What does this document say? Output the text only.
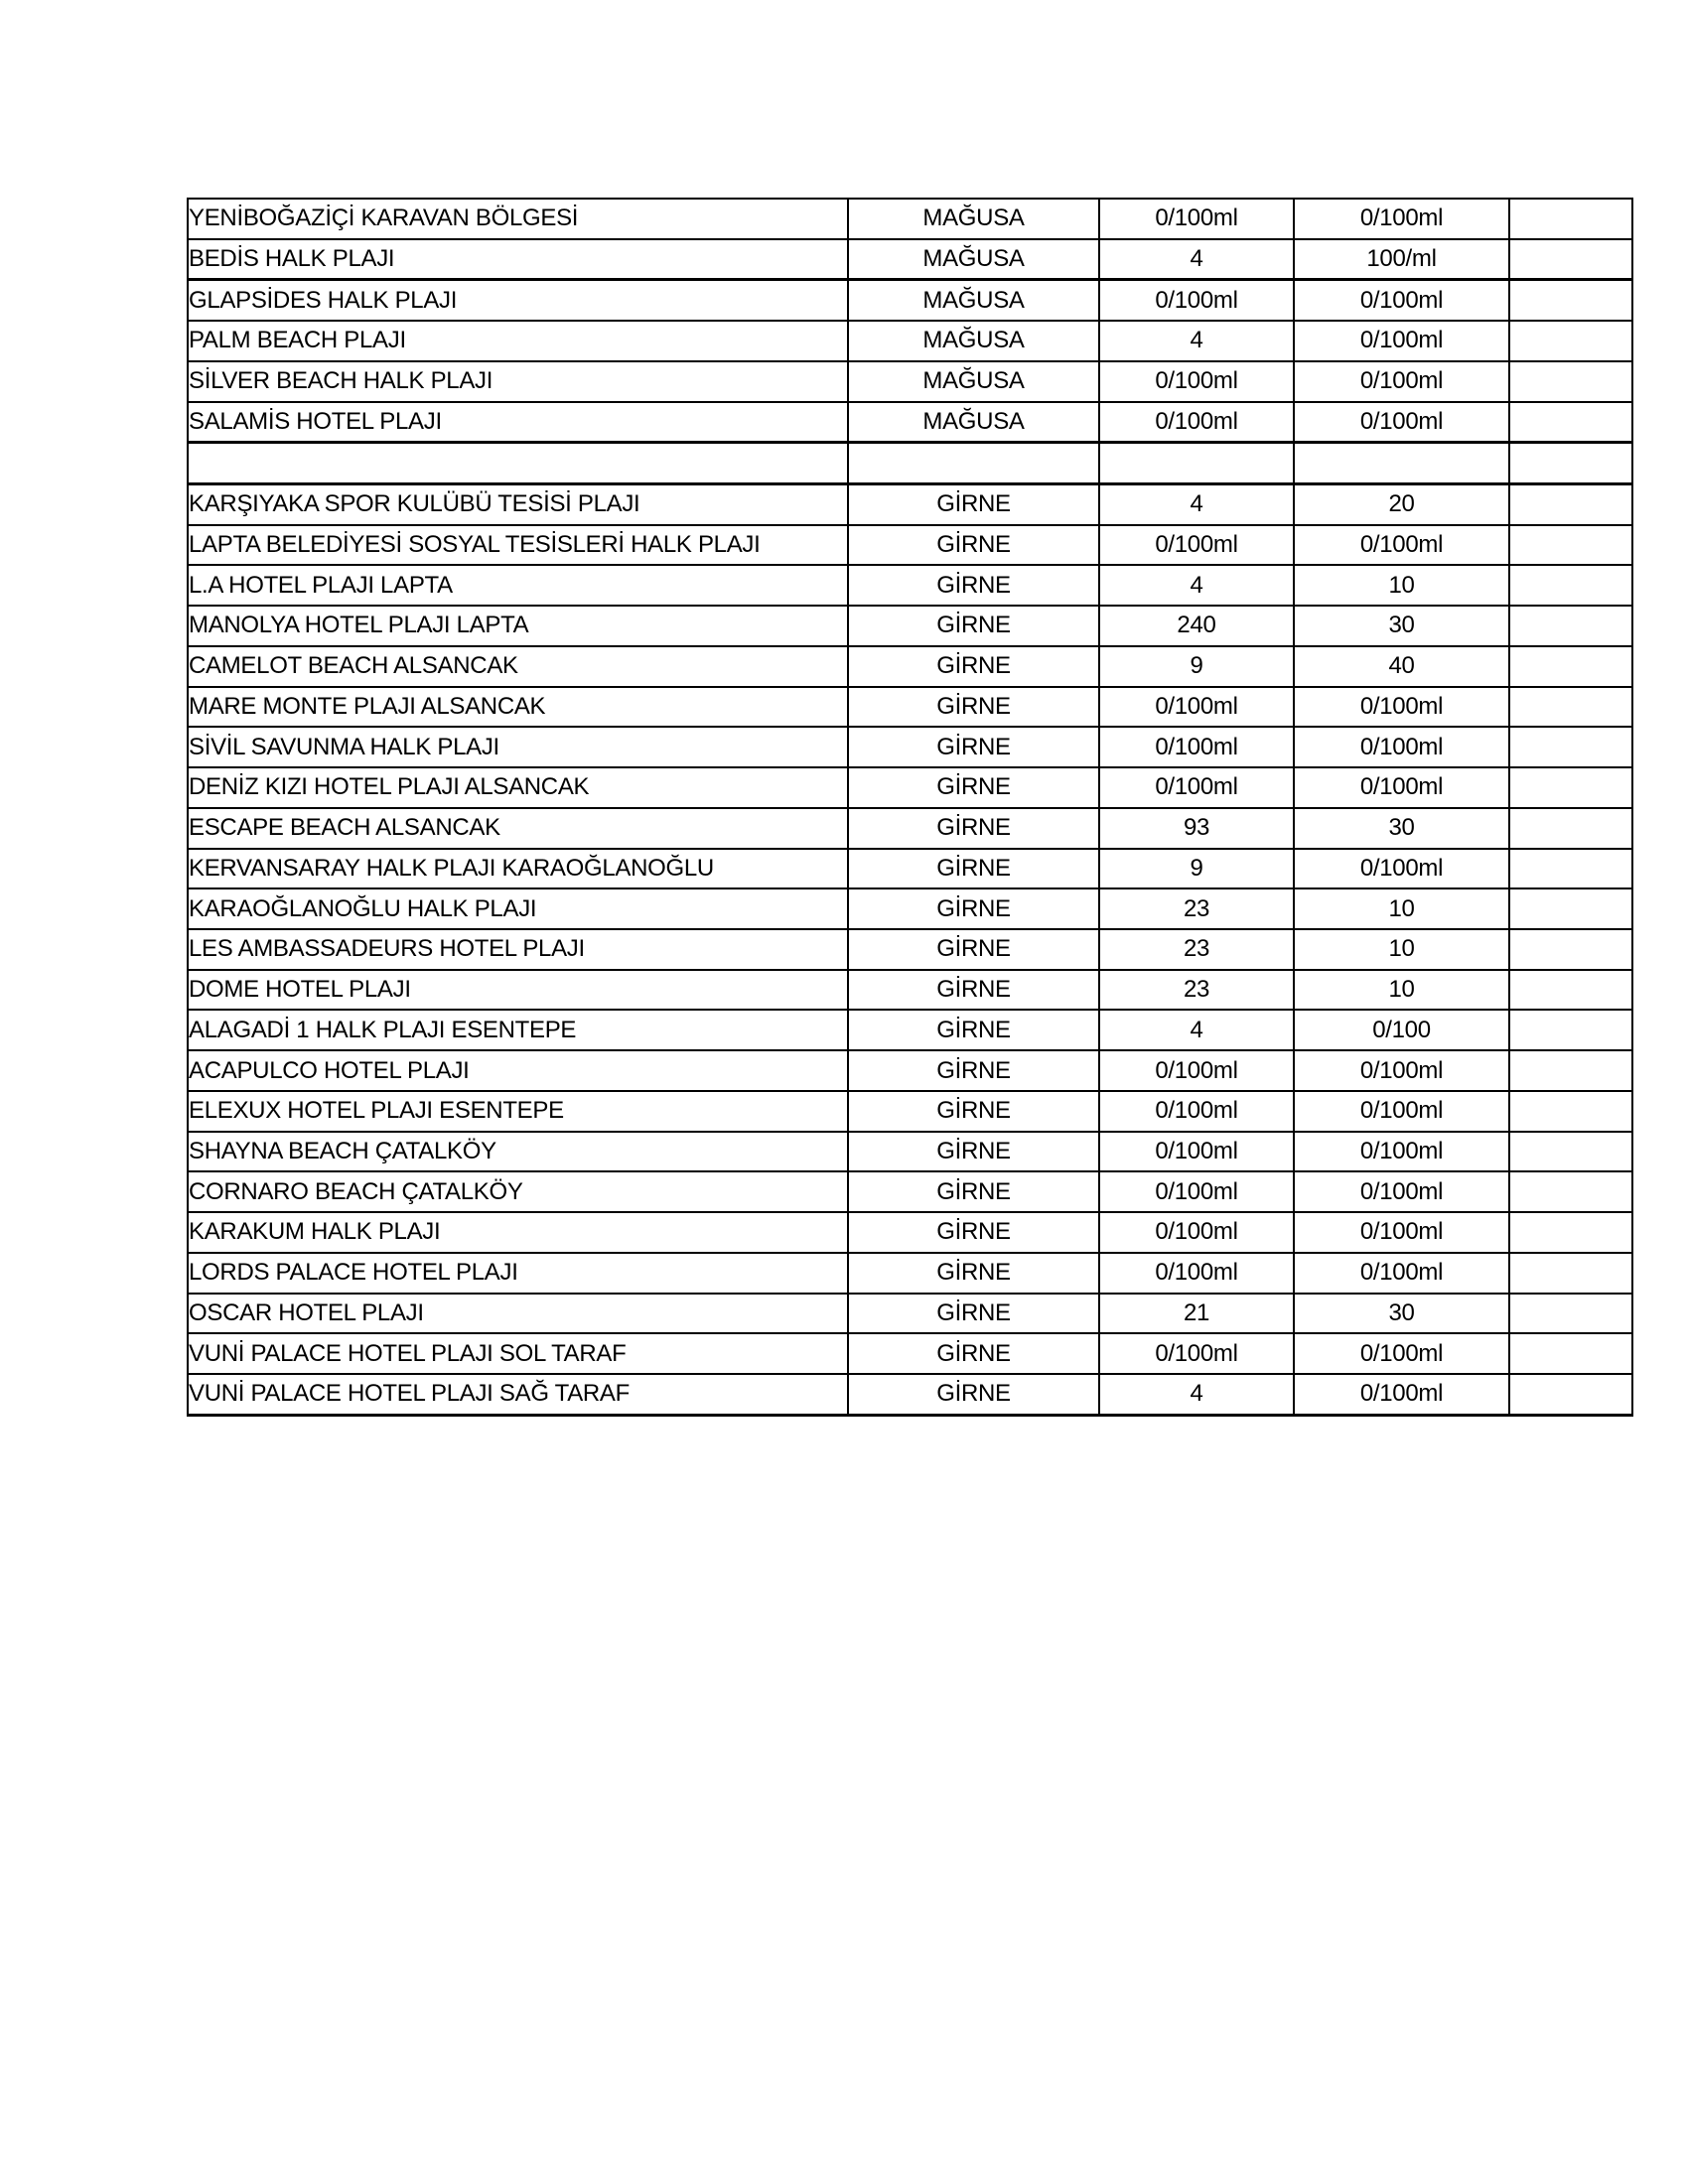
YENİBOĞAZİÇİ KARAVAN BÖLGESİ	MAĞUSA	0/100ml	0/100ml	
BEDİS HALK PLAJI	MAĞUSA	4	100/ml	
GLAPSİDES HALK PLAJI	MAĞUSA	0/100ml	0/100ml	
PALM BEACH PLAJI	MAĞUSA	4	0/100ml	
SİLVER BEACH HALK PLAJI	MAĞUSA	0/100ml	0/100ml	
SALAMİS HOTEL PLAJI	MAĞUSA	0/100ml	0/100ml	

KARŞIYAKA SPOR KULÜBÜ TESİSİ PLAJI	GİRNE	4	20	
LAPTA BELEDİYESİ SOSYAL TESİSLERİ HALK PLAJI	GİRNE	0/100ml	0/100ml	
L.A HOTEL PLAJI LAPTA	GİRNE	4	10	
MANOLYA HOTEL PLAJI LAPTA	GİRNE	240	30	
CAMELOT BEACH ALSANCAK	GİRNE	9	40	
MARE MONTE PLAJI ALSANCAK	GİRNE	0/100ml	0/100ml	
SİVİL SAVUNMA HALK PLAJI	GİRNE	0/100ml	0/100ml	
DENİZ KIZI HOTEL PLAJI ALSANCAK	GİRNE	0/100ml	0/100ml	
ESCAPE BEACH ALSANCAK	GİRNE	93	30	
KERVANSARAY HALK PLAJI KARAOĞLANOĞLU	GİRNE	9	0/100ml	
KARAOĞLANOĞLU HALK PLAJI	GİRNE	23	10	
LES AMBASSADEURS HOTEL PLAJI	GİRNE	23	10	
DOME HOTEL PLAJI	GİRNE	23	10	
ALAGADİ 1 HALK PLAJI ESENTEPE	GİRNE	4	0/100	
ACAPULCO HOTEL PLAJI	GİRNE	0/100ml	0/100ml	
ELEXUX HOTEL PLAJI ESENTEPE	GİRNE	0/100ml	0/100ml	
SHAYNA BEACH ÇATALKÖY	GİRNE	0/100ml	0/100ml	
CORNARO BEACH ÇATALKÖY	GİRNE	0/100ml	0/100ml	
KARAKUM HALK PLAJI	GİRNE	0/100ml	0/100ml	
LORDS PALACE HOTEL PLAJI	GİRNE	0/100ml	0/100ml	
OSCAR HOTEL PLAJI	GİRNE	21	30	
VUNİ PALACE HOTEL PLAJI SOL TARAF	GİRNE	0/100ml	0/100ml	
VUNİ PALACE HOTEL PLAJI SAĞ TARAF	GİRNE	4	0/100ml	
